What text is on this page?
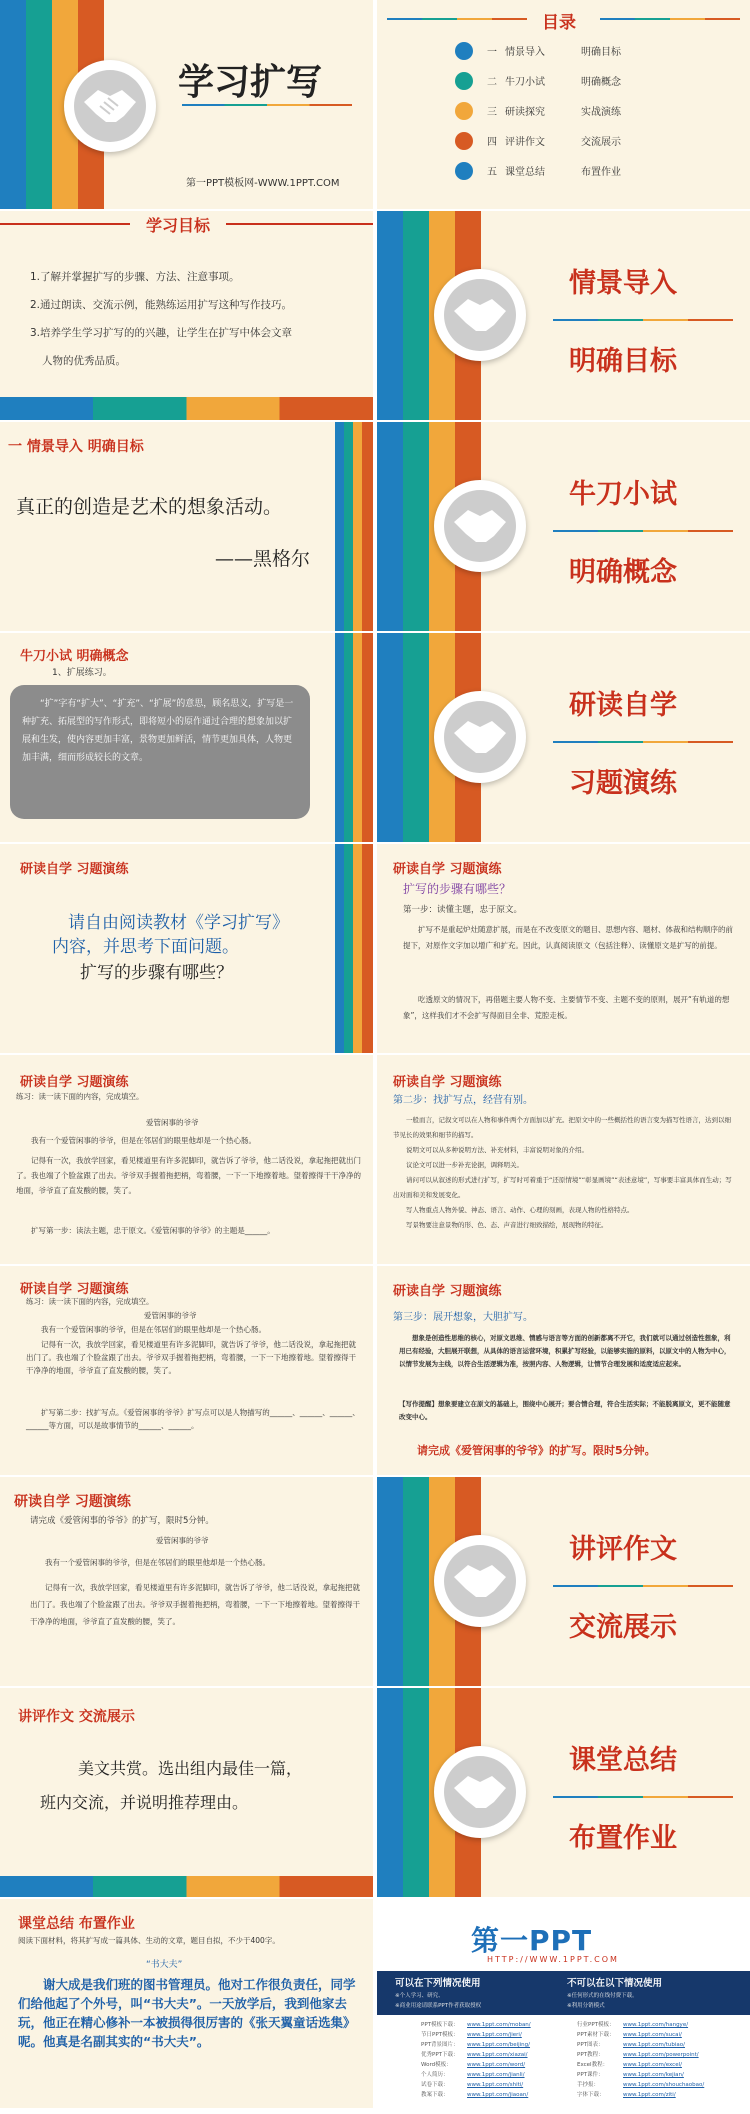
学习扩写
第一PPT模板网-WWW.1PPT.COM
目录
一 情景导入	明确目标
二 牛刀小试	明确概念
三 研读探究	实战演练
四 评讲作文	交流展示
五 课堂总结	布置作业
学习目标
1.了解并掌握扩写的步骤、方法、注意事项。
2.通过朗读、交流示例，能熟练运用扩写这种写作技巧。
3.培养学生学习扩写的的兴趣，让学生在扩写中体会文章
人物的优秀品质。
情景导入
明确目标
一 情景导入 明确目标
真正的创造是艺术的想象活动。
——黑格尔
牛刀小试
明确概念
牛刀小试 明确概念
1、扩展练习。
“扩”字有“扩大”、“扩充”、“扩展”的意思，顾名思义，扩写是一种扩充、拓展型的写作形式，即将短小的原作通过合理的想象加以扩展和生发，使内容更加丰富，景物更加鲜活，情节更加具体，人物更加丰满，细而形成较长的文章。
研读自学
习题演练
研读自学 习题演练
请自由阅读教材《学习扩写》
内容，并思考下面问题。
扩写的步骤有哪些？
研读自学 习题演练
扩写的步骤有哪些？
第一步：读懂主题，忠于原文。
扩写不是重起炉灶随意扩展，而是在不改变原文的题目、思想内容、题材、体裁和结构顺序的前提下，对原作文字加以增广和扩充。因此，认真阅读原文（包括注释）、读懂原文是扩写的前提。
吃透原文的情况下，再借题主要人物不变、主要情节不变、主题不变的原则，展开“有轨道的想象”，这样我们才不会扩写得面目全非、荒腔走板。
研读自学 习题演练
练习：读一读下面的内容，完成填空。
爱管闲事的爷爷
我有一个爱管闲事的爷爷，但是在邻居们的眼里他却是一个热心肠。
记得有一次，我放学回家，看见楼道里有许多泥脚印，就告诉了爷爷，他二话没说，拿起拖把就出门了。我也端了个脸盆跟了出去。爷爷双手握着拖把柄，弯着腰，一下一下地擦着地。望着擦得干干净净的地面，爷爷直了直发酸的腰，笑了。
扩写第一步：读法主题，忠于原文。《爱管闲事的爷爷》的主题是______。
研读自学 习题演练
第二步：找扩写点，经营有别。
一般而言，记叙文可以在人物和事件两个方面加以扩充。把原文中的一些概括性的语言变为描写性语言，达到以细节见长的效果和细节的描写。
说明文可以从多种说明方法、补充材料，丰富说明对象的介绍。
议论文可以进一步补充论据，调释明关。
请问可以从叙述的形式进行扩写，扩写时可着重于“还原情境”“彰显画境”“表述意境”，写事要丰富具体而生动；写出对面和美和发展变化。
写人物重点人物外貌、神态、语言、动作、心理的刻画，表现人物的性格特点。
写景物要注意景物的形、色、态、声音进行细致描绘，展现物的特征。
研读自学 习题演练
练习：读一读下面的内容，完成填空。
爱管闲事的爷爷
我有一个爱管闲事的爷爷，但是在邻居们的眼里他却是一个热心肠。
记得有一次，我放学回家，看见楼道里有许多泥脚印，就告诉了爷爷，他二话没说，拿起拖把就出门了。我也端了个脸盆跟了出去。爷爷双手握着拖把柄，弯着腰，一下一下地擦着地。望着擦得干干净净的地面，爷爷直了直发酸的腰，笑了。
扩写第二步：找扩写点。《爱管闲事的爷爷》扩写点可以是人物描写的______、______、______、______等方面，可以是故事情节的______、______。
研读自学 习题演练
第三步：展开想象，大胆扩写。
想象是创造性思维的核心，对原文思维、情感与语言等方面的创新都离不开它，我们就可以通过创造性想象，利用已有经验，大胆展开联想，从具体的语言运营环境，积累扩写经验，以能够实施的原料，以原文中的人物为中心，以情节发展为主线，以符合生活逻辑为准，按照内容、人物逻辑，让情节合理发展和适度适应起来。
【写作提醒】想象要建立在原文的基础上，围绕中心展开；要合情合理，符合生活实际；不能脱离原文，更不能随意改变中心。
请完成《爱管闲事的爷爷》的扩写。限时5分钟。
研读自学 习题演练
请完成《爱管闲事的爷爷》的扩写，限时5分钟。
爱管闲事的爷爷
我有一个爱管闲事的爷爷，但是在邻居们的眼里他却是一个热心肠。
记得有一次，我放学回家，看见楼道里有许多泥脚印，就告诉了爷爷，他二话没说，拿起拖把就出门了。我也端了个脸盆跟了出去。爷爷双手握着拖把柄，弯着腰，一下一下地擦着地。望着擦得干干净净的地面，爷爷直了直发酸的腰，笑了。
讲评作文
交流展示
讲评作文 交流展示
美文共赏。选出组内最佳一篇，
班内交流，并说明推荐理由。
课堂总结
布置作业
课堂总结 布置作业
阅读下面材料，将其扩写成一篇具体、生动的文章，题目自拟，不少于400字。
“书大夫”
谢大成是我们班的图书管理员。他对工作很负责任，同学们给他起了个外号，叫“书大夫”。一天放学后，我到他家去玩，他正在精心修补一本被损得很厉害的《张天翼童话选集》呢。他真是名副其实的“书大夫”。
第一PPT
HTTP://WWW.1PPT.COM
可以在下列情况使用	不可以在以下情况使用
※个人学习、研究、
※商业用途请联系PPT作者获取授权
※任何形式的在线付费下载。
※利用分销模式
PPT模板下载： www.1ppt.com/moban/
节日PPT模板： www.1ppt.com/jieri/
PPT背景图片： www.1ppt.com/beijing/
优秀PPT下载： www.1ppt.com/xiazai/
Word模板：	www.1ppt.com/word/
个人简历：	www.1ppt.com/jianli/
试卷下载：	www.1ppt.com/shiti/
教案下载：	www.1ppt.com/jiaoan/
行业PPT模板： www.1ppt.com/hangye/
PPT素材下载： www.1ppt.com/sucai/
PPT图表：	www.1ppt.com/tubiao/
PPT教程：	www.1ppt.com/powerpoint/
Excel教程：	www.1ppt.com/excel/
PPT课件：	www.1ppt.com/kejian/
手抄报：	www.1ppt.com/shouchaobao/
字体下载：	www.1ppt.com/ziti/
